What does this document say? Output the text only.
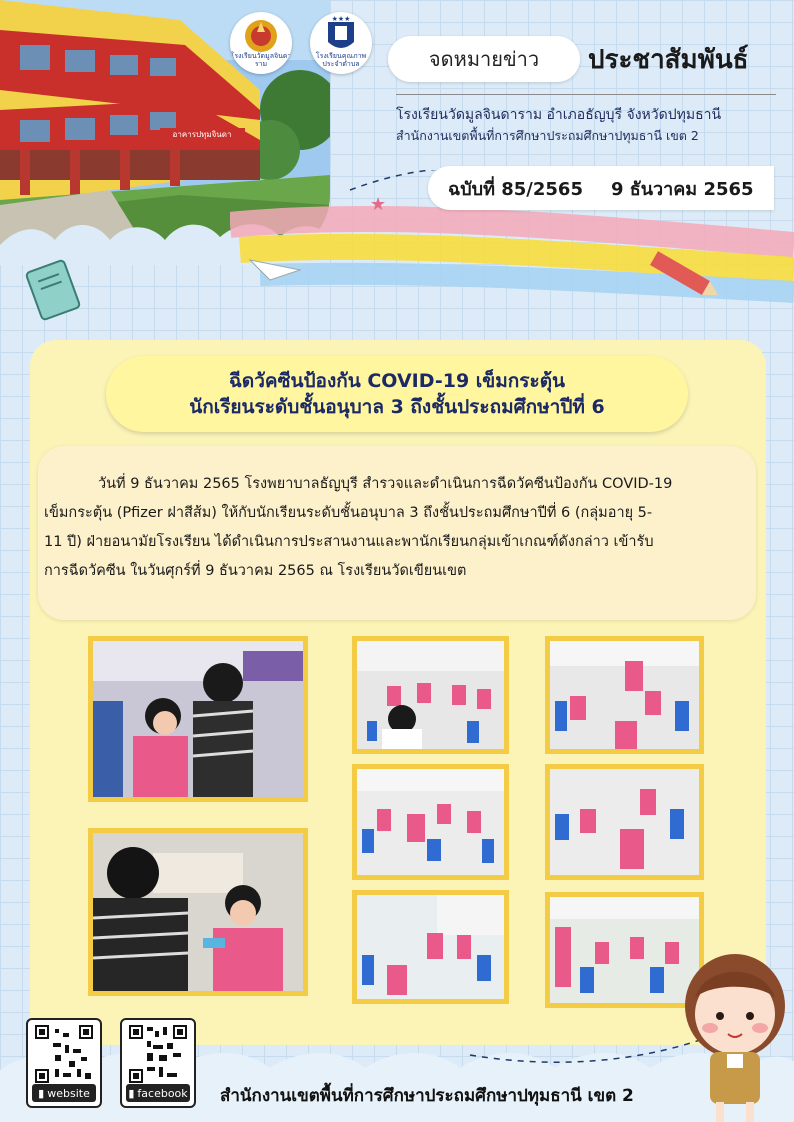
อาคารปทุมจินดา
โรงเรียนวัดมูลจินดาราม
★★★
โรงเรียนคุณภาพ ประจำตำบล
★
จดหมายข่าว	ประชาสัมพันธ์
โรงเรียนวัดมูลจินดาราม อำเภอธัญบุรี จังหวัดปทุมธานี
สำนักงานเขตพื้นที่การศึกษาประถมศึกษาปทุมธานี เขต 2
ฉบับที่ 85/2565 9 ธันวาคม 2565
ฉีดวัคซีนป้องกัน COVID-19 เข็มกระตุ้น
นักเรียนระดับชั้นอนุบาล 3 ถึงชั้นประถมศึกษาปีที่ 6

วันที่ 9 ธันวาคม 2565 โรงพยาบาลธัญบุรี สำรวจและดำเนินการฉีดวัคซีนป้องกัน COVID-19

เข็มกระตุ้น (Pfizer ฝาสีส้ม) ให้กับนักเรียนระดับชั้นอนุบาล 3 ถึงชั้นประถมศึกษาปีที่ 6 (กลุ่มอายุ 5-

11 ปี) ฝ่ายอนามัยโรงเรียน ได้ดำเนินการประสานงานและพานักเรียนกลุ่มเข้าเกณฑ์ดังกล่าว เข้ารับ

การฉีดวัคซีน ในวันศุกร์ที่ 9 ธันวาคม 2565 ณ โรงเรียนวัดเขียนเขต

▮ website	▮ facebook สำนักงานเขตพื้นที่การศึกษาประถมศึกษาปทุมธานี เขต 2
